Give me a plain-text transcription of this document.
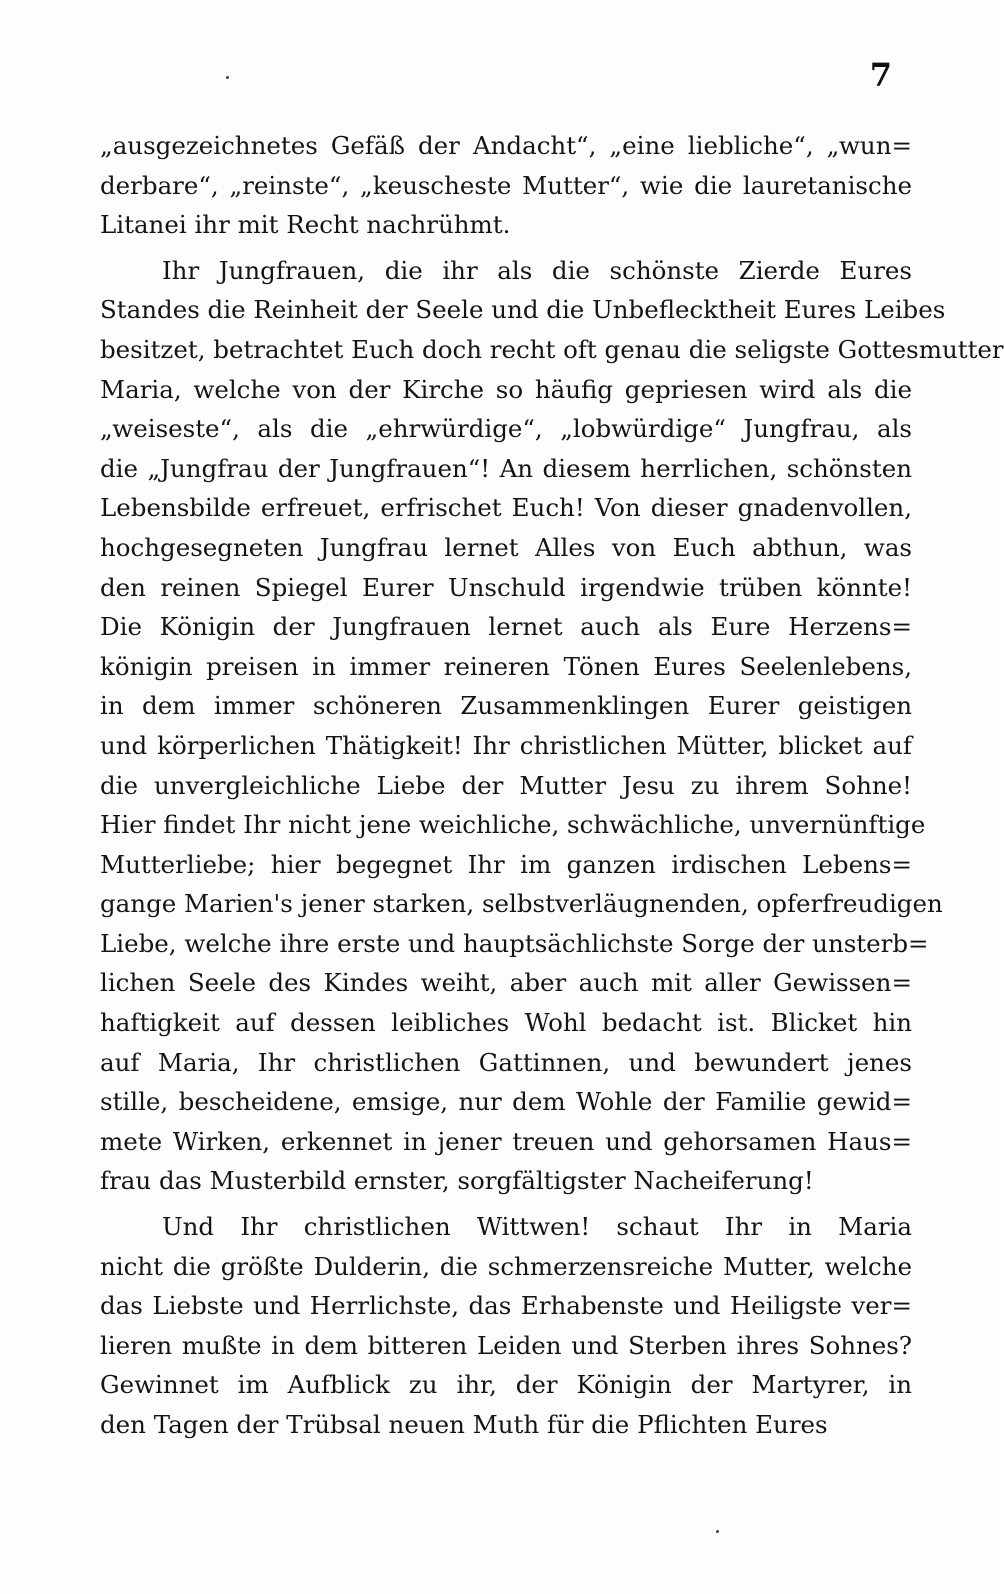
7
„ausgezeichnetes Gefäß der Andacht“, „eine liebliche“, „wun=
derbare“, „reinste“, „keuscheste Mutter“, wie die lauretanische
Litanei ihr mit Recht nachrühmt.
Ihr Jungfrauen, die ihr als die schönste Zierde Eures
Standes die Reinheit der Seele und die Unbeflecktheit Eures Leibes
besitzet, betrachtet Euch doch recht oft genau die seligste Gottesmutter
Maria, welche von der Kirche so häufig gepriesen wird als die
„weiseste“, als die „ehrwürdige“, „lobwürdige“ Jungfrau, als
die „Jungfrau der Jungfrauen“! An diesem herrlichen, schönsten
Lebensbilde erfreuet, erfrischet Euch! Von dieser gnadenvollen,
hochgesegneten Jungfrau lernet Alles von Euch abthun, was
den reinen Spiegel Eurer Unschuld irgendwie trüben könnte!
Die Königin der Jungfrauen lernet auch als Eure Herzens=
königin preisen in immer reineren Tönen Eures Seelenlebens,
in dem immer schöneren Zusammenklingen Eurer geistigen
und körperlichen Thätigkeit! Ihr christlichen Mütter, blicket auf
die unvergleichliche Liebe der Mutter Jesu zu ihrem Sohne!
Hier findet Ihr nicht jene weichliche, schwächliche, unvernünftige
Mutterliebe; hier begegnet Ihr im ganzen irdischen Lebens=
gange Marien's jener starken, selbstverläugnenden, opferfreudigen
Liebe, welche ihre erste und hauptsächlichste Sorge der unsterb=
lichen Seele des Kindes weiht, aber auch mit aller Gewissen=
haftigkeit auf dessen leibliches Wohl bedacht ist. Blicket hin
auf Maria, Ihr christlichen Gattinnen, und bewundert jenes
stille, bescheidene, emsige, nur dem Wohle der Familie gewid=
mete Wirken, erkennet in jener treuen und gehorsamen Haus=
frau das Musterbild ernster, sorgfältigster Nacheiferung!
Und Ihr christlichen Wittwen! schaut Ihr in Maria
nicht die größte Dulderin, die schmerzensreiche Mutter, welche
das Liebste und Herrlichste, das Erhabenste und Heiligste ver=
lieren mußte in dem bitteren Leiden und Sterben ihres Sohnes?
Gewinnet im Aufblick zu ihr, der Königin der Martyrer, in
den Tagen der Trübsal neuen Muth für die Pflichten Eures
